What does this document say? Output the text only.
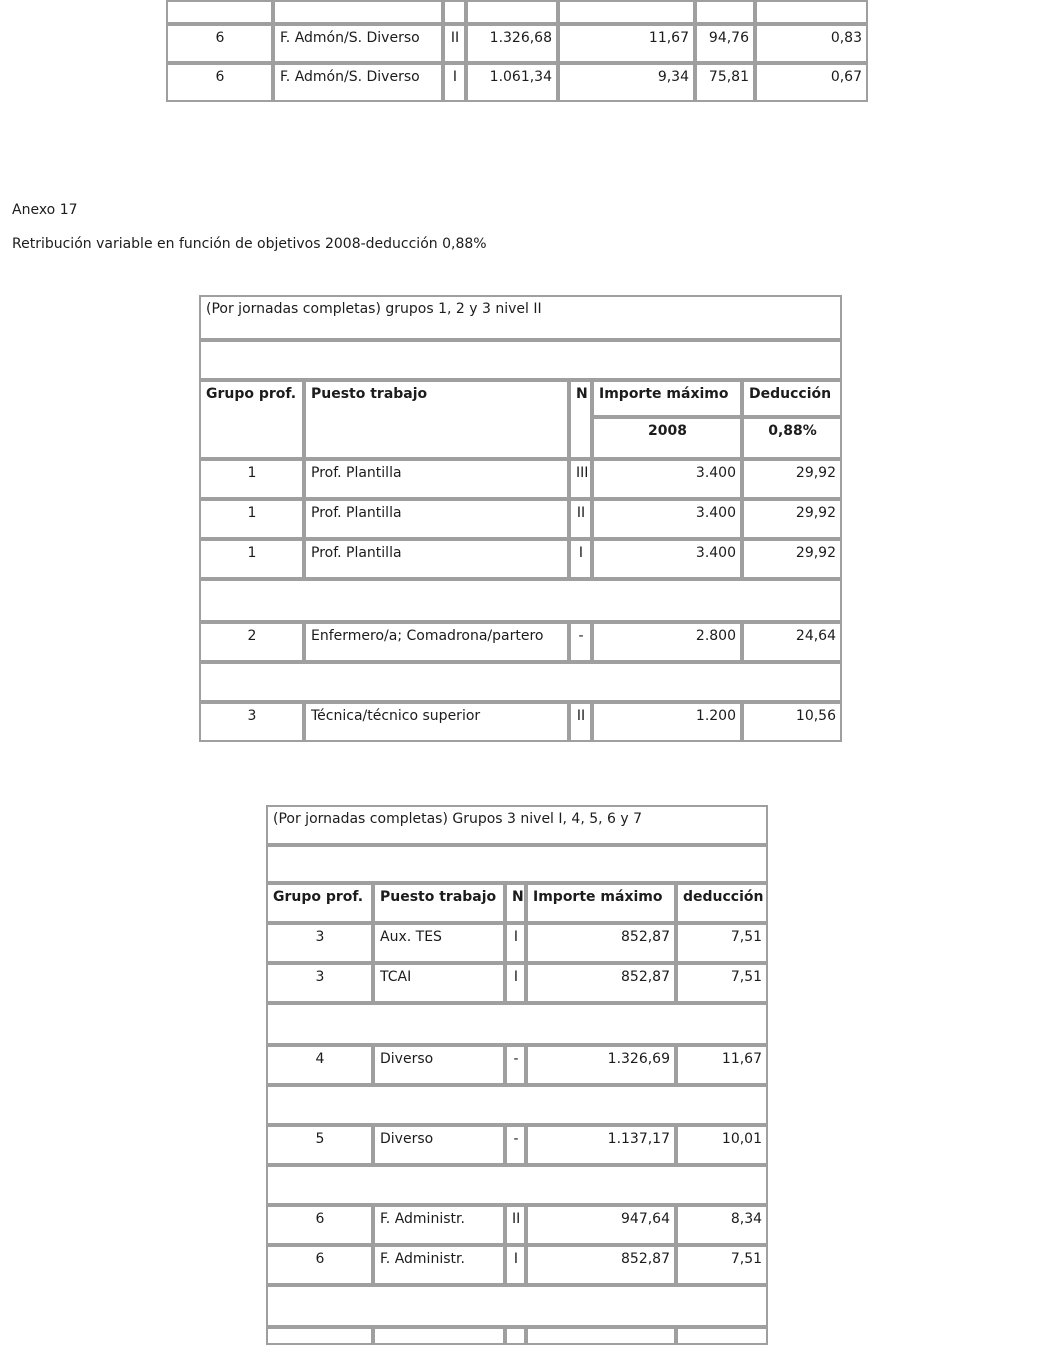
6	F. Admón/S. Diverso	II	1.326,68	11,67	94,76	0,83
6	F. Admón/S. Diverso	I	1.061,34	9,34	75,81	0,67
Anexo 17
Retribución variable en función de objetivos 2008-deducción 0,88%
(Por jornadas completas) grupos 1, 2 y 3 nivel II				

Grupo prof.	Puesto trabajo	N	Importe máximo	Deducción
			2008	0,88%
1	Prof. Plantilla	III	3.400	29,92
1	Prof. Plantilla	II	3.400	29,92
1	Prof. Plantilla	I	3.400	29,92

2	Enfermero/a; Comadrona/partero	-	2.800	24,64

3	Técnica/técnico superior	II	1.200	10,56
(Por jornadas completas) Grupos 3 nivel I, 4, 5, 6 y 7				

Grupo prof.	Puesto trabajo	N	Importe máximo	deducción
3	Aux. TES	I	852,87	7,51
3	TCAI	I	852,87	7,51

4	Diverso	-	1.326,69	11,67

5	Diverso	-	1.137,17	10,01

6	F. Administr.	II	947,64	8,34
6	F. Administr.	I	852,87	7,51
